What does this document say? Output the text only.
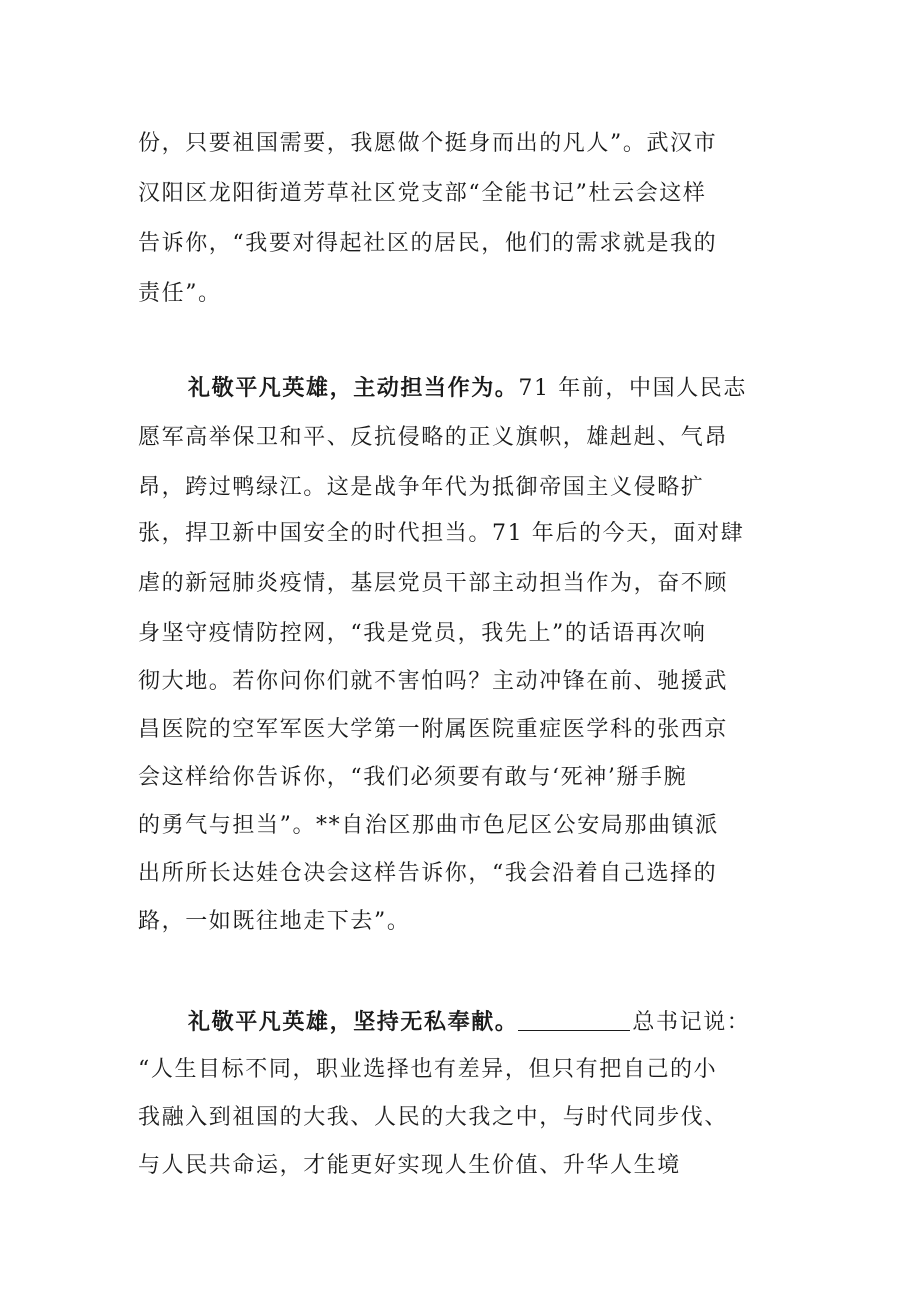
份，只要祖国需要，我愿做个挺身而出的凡人”。武汉市
汉阳区龙阳街道芳草社区党支部“全能书记”杜云会这样
告诉你，“我要对得起社区的居民，他们的需求就是我的
责任”。
礼敬平凡英雄，主动担当作为。71 年前，中国人民志
愿军高举保卫和平、反抗侵略的正义旗帜，雄赳赳、气昂
昂，跨过鸭绿江。这是战争年代为抵御帝国主义侵略扩
张，捍卫新中国安全的时代担当。71 年后的今天，面对肆
虐的新冠肺炎疫情，基层党员干部主动担当作为，奋不顾
身坚守疫情防控网，“我是党员，我先上”的话语再次响
彻大地。若你问你们就不害怕吗？主动冲锋在前、驰援武
昌医院的空军军医大学第一附属医院重症医学科的张西京
会这样给你告诉你，“我们必须要有敢与‘死神’掰手腕
的勇气与担当”。**自治区那曲市色尼区公安局那曲镇派
出所所长达娃仓决会这样告诉你，“我会沿着自己选择的
路，一如既往地走下去”。
礼敬平凡英雄，坚持无私奉献。	总书记说：
“人生目标不同，职业选择也有差异，但只有把自己的小
我融入到祖国的大我、人民的大我之中，与时代同步伐、
与人民共命运，才能更好实现人生价值、升华人生境
